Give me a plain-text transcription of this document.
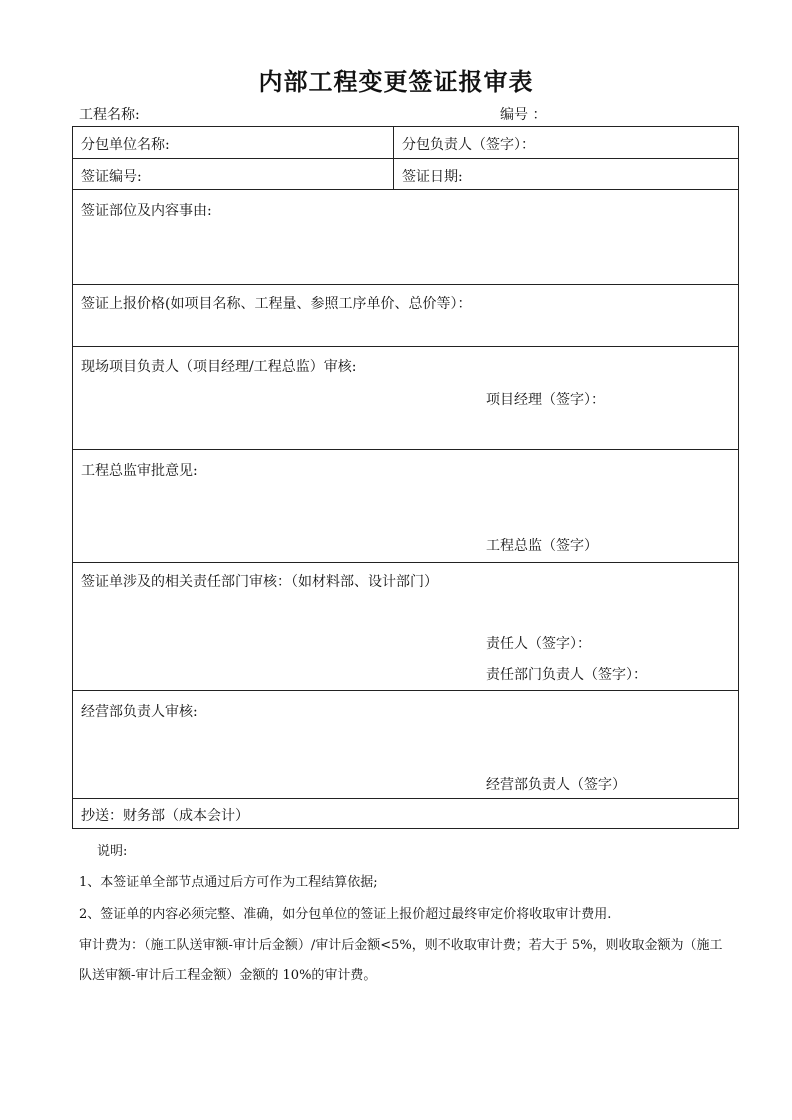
内部工程变更签证报审表
工程名称:	编号 ：
分包单位名称:	分包负责人（签字）：
签证编号:	签证日期:
签证部位及内容事由:
签证上报价格(如项目名称、工程量、参照工序单价、总价等）：
现场项目负责人（项目经理/工程总监）审核:
项目经理（签字）：
工程总监审批意见:
工程总监（签字）
签证单涉及的相关责任部门审核：（如材料部、设计部门）
责任人（签字）：
责任部门负责人（签字）：
经营部负责人审核:
经营部负责人（签字）
抄送：财务部（成本会计）
说明:
1、本签证单全部节点通过后方可作为工程结算依据;
2、签证单的内容必须完整、准确，如分包单位的签证上报价超过最终审定价将收取审计费用.
审计费为：（施工队送审额-审计后金额）/审计后金额<5%，则不收取审计费；若大于 5%，则收取金额为（施工
队送审额-审计后工程金额）金额的 10%的审计费。
